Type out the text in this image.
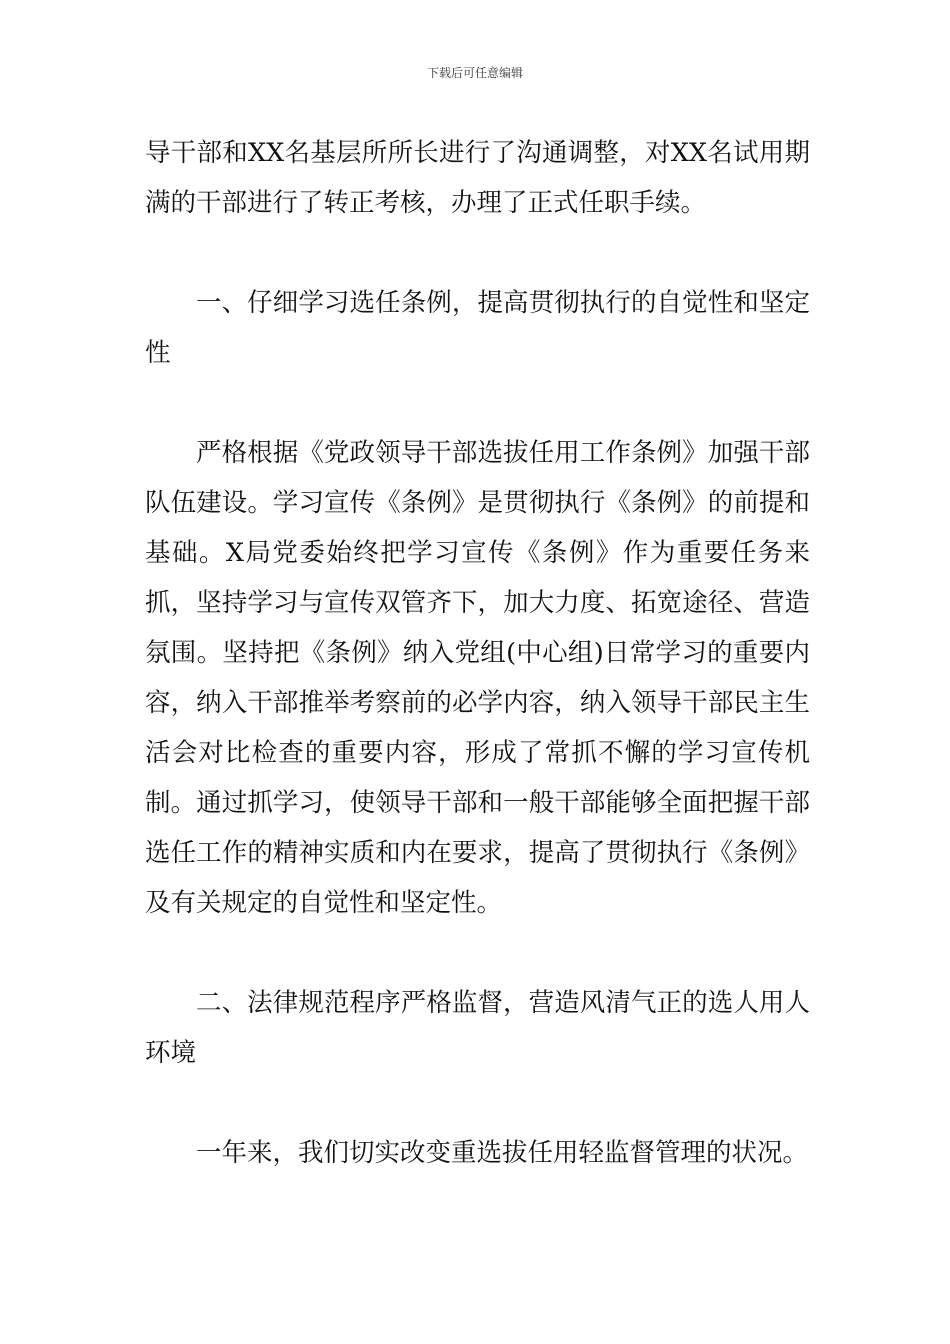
下载后可任意编辑

导干部和XX名基层所所长进行了沟通调整，对XX名试用期满的干部进行了转正考核，办理了正式任职手续。

一、仔细学习选任条例，提高贯彻执行的自觉性和坚定性

严格根据《党政领导干部选拔任用工作条例》加强干部队伍建设。学习宣传《条例》是贯彻执行《条例》的前提和基础。X局党委始终把学习宣传《条例》作为重要任务来抓，坚持学习与宣传双管齐下，加大力度、拓宽途径、营造氛围。坚持把《条例》纳入党组(中心组)日常学习的重要内容，纳入干部推举考察前的必学内容，纳入领导干部民主生活会对比检查的重要内容，形成了常抓不懈的学习宣传机制。通过抓学习，使领导干部和一般干部能够全面把握干部选任工作的精神实质和内在要求，提高了贯彻执行《条例》及有关规定的自觉性和坚定性。

二、法律规范程序严格监督，营造风清气正的选人用人环境

一年来，我们切实改变重选拔任用轻监督管理的状况。
